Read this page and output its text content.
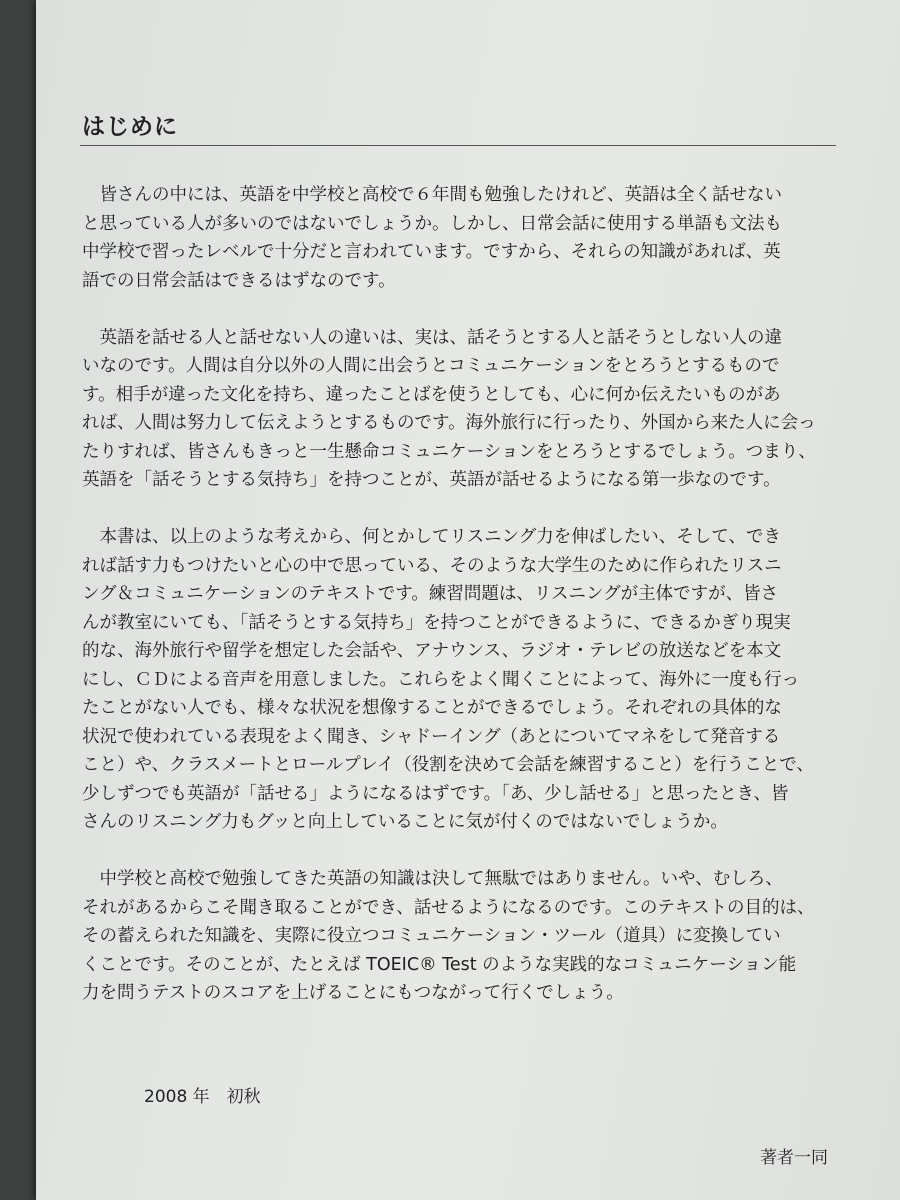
はじめに

皆さんの中には、英語を中学校と高校で６年間も勉強したけれど、英語は全く話せない
と思っている人が多いのではないでしょうか。しかし、日常会話に使用する単語も文法も
中学校で習ったレベルで十分だと言われています。ですから、それらの知識があれば、英
語での日常会話はできるはずなのです。

英語を話せる人と話せない人の違いは、実は、話そうとする人と話そうとしない人の違
いなのです。人間は自分以外の人間に出会うとコミュニケーションをとろうとするもので
す。相手が違った文化を持ち、違ったことばを使うとしても、心に何か伝えたいものがあ
れば、人間は努力して伝えようとするものです。海外旅行に行ったり、外国から来た人に会っ
たりすれば、皆さんもきっと一生懸命コミュニケーションをとろうとするでしょう。つまり、
英語を「話そうとする気持ち」を持つことが、英語が話せるようになる第一歩なのです。

本書は、以上のような考えから、何とかしてリスニング力を伸ばしたい、そして、でき
れば話す力もつけたいと心の中で思っている、そのような大学生のために作られたリスニ
ング＆コミュニケーションのテキストです。練習問題は、リスニングが主体ですが、皆さ
んが教室にいても、「話そうとする気持ち」を持つことができるように、できるかぎり現実
的な、海外旅行や留学を想定した会話や、アナウンス、ラジオ・テレビの放送などを本文
にし、ＣＤによる音声を用意しました。これらをよく聞くことによって、海外に一度も行っ
たことがない人でも、様々な状況を想像することができるでしょう。それぞれの具体的な
状況で使われている表現をよく聞き、シャドーイング（あとについてマネをして発音する
こと）や、クラスメートとロールプレイ（役割を決めて会話を練習すること）を行うことで、
少しずつでも英語が「話せる」ようになるはずです。「あ、少し話せる」と思ったとき、皆
さんのリスニング力もグッと向上していることに気が付くのではないでしょうか。

中学校と高校で勉強してきた英語の知識は決して無駄ではありません。いや、むしろ、
それがあるからこそ聞き取ることができ、話せるようになるのです。このテキストの目的は、
その蓄えられた知識を、実際に役立つコミュニケーション・ツール（道具）に変換してい
くことです。そのことが、たとえば TOEIC® Test のような実践的なコミュニケーション能
力を問うテストのスコアを上げることにもつながって行くでしょう。

2008 年　初秋

著者一同
